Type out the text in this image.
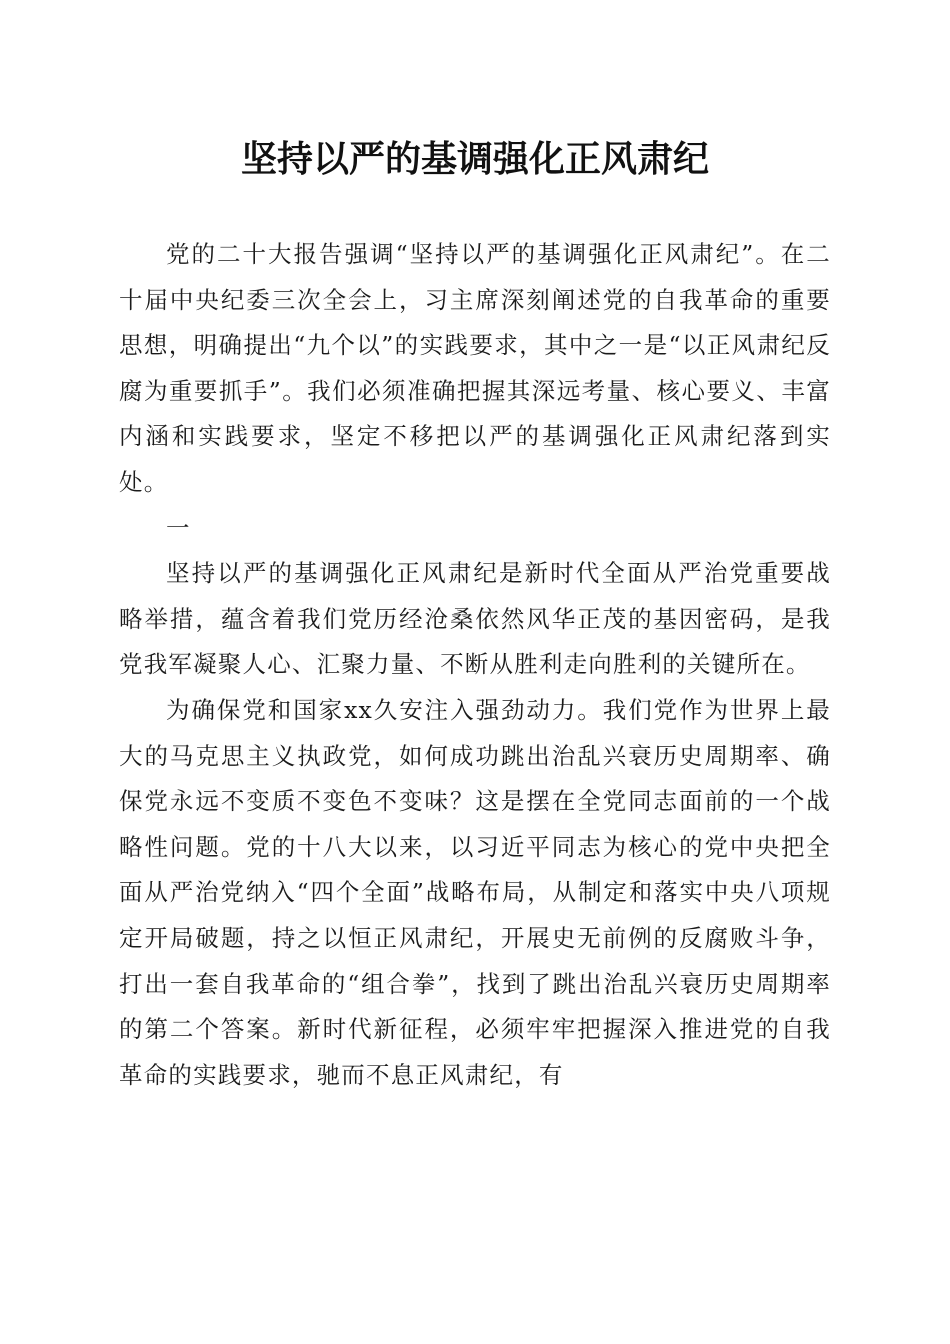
坚持以严的基调强化正风肃纪

党的二十大报告强调“坚持以严的基调强化正风肃纪”。在二十届中央纪委三次全会上，习主席深刻阐述党的自我革命的重要思想，明确提出“九个以”的实践要求，其中之一是“以正风肃纪反腐为重要抓手”。我们必须准确把握其深远考量、核心要义、丰富内涵和实践要求，坚定不移把以严的基调强化正风肃纪落到实处。

一

坚持以严的基调强化正风肃纪是新时代全面从严治党重要战略举措，蕴含着我们党历经沧桑依然风华正茂的基因密码，是我党我军凝聚人心、汇聚力量、不断从胜利走向胜利的关键所在。

为确保党和国家xx久安注入强劲动力。我们党作为世界上最大的马克思主义执政党，如何成功跳出治乱兴衰历史周期率、确保党永远不变质不变色不变味？这是摆在全党同志面前的一个战略性问题。党的十八大以来，以习近平同志为核心的党中央把全面从严治党纳入“四个全面”战略布局，从制定和落实中央八项规定开局破题，持之以恒正风肃纪，开展史无前例的反腐败斗争，打出一套自我革命的“组合拳”，找到了跳出治乱兴衰历史周期率的第二个答案。新时代新征程，必须牢牢把握深入推进党的自我革命的实践要求，驰而不息正风肃纪，有
